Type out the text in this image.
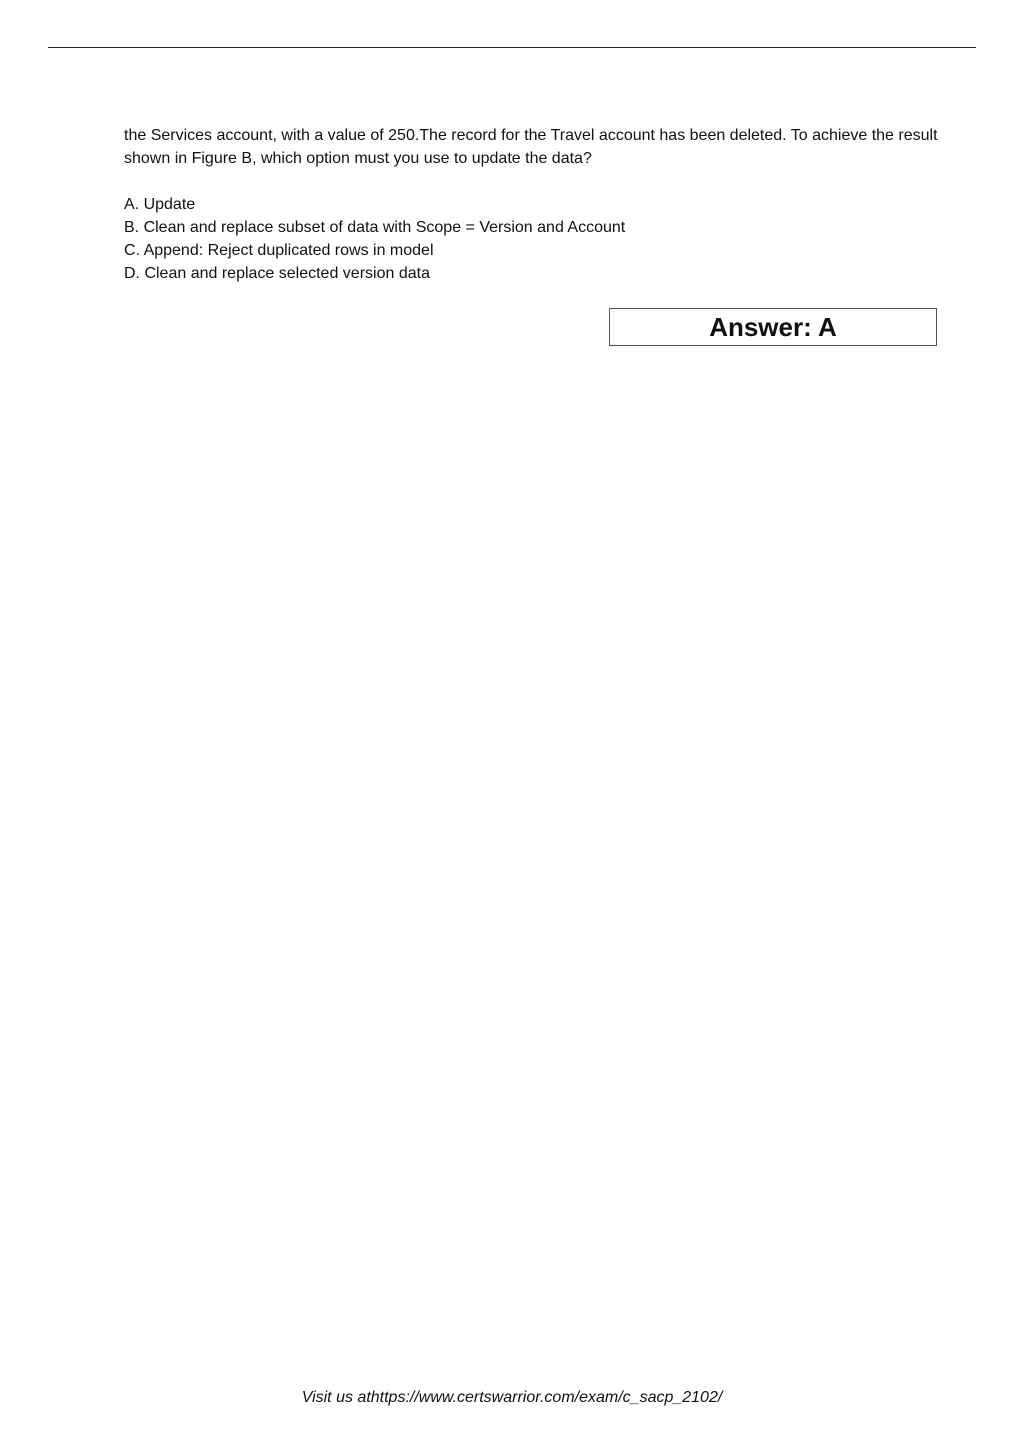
the Services account, with a value of 250.The record for the Travel account has been deleted. To achieve the result shown in Figure B, which option must you use to update the data?

A. Update
B. Clean and replace subset of data with Scope = Version and Account
C. Append: Reject duplicated rows in model
D. Clean and replace selected version data
Answer: A
Visit us athttps://www.certswarrior.com/exam/c_sacp_2102/
